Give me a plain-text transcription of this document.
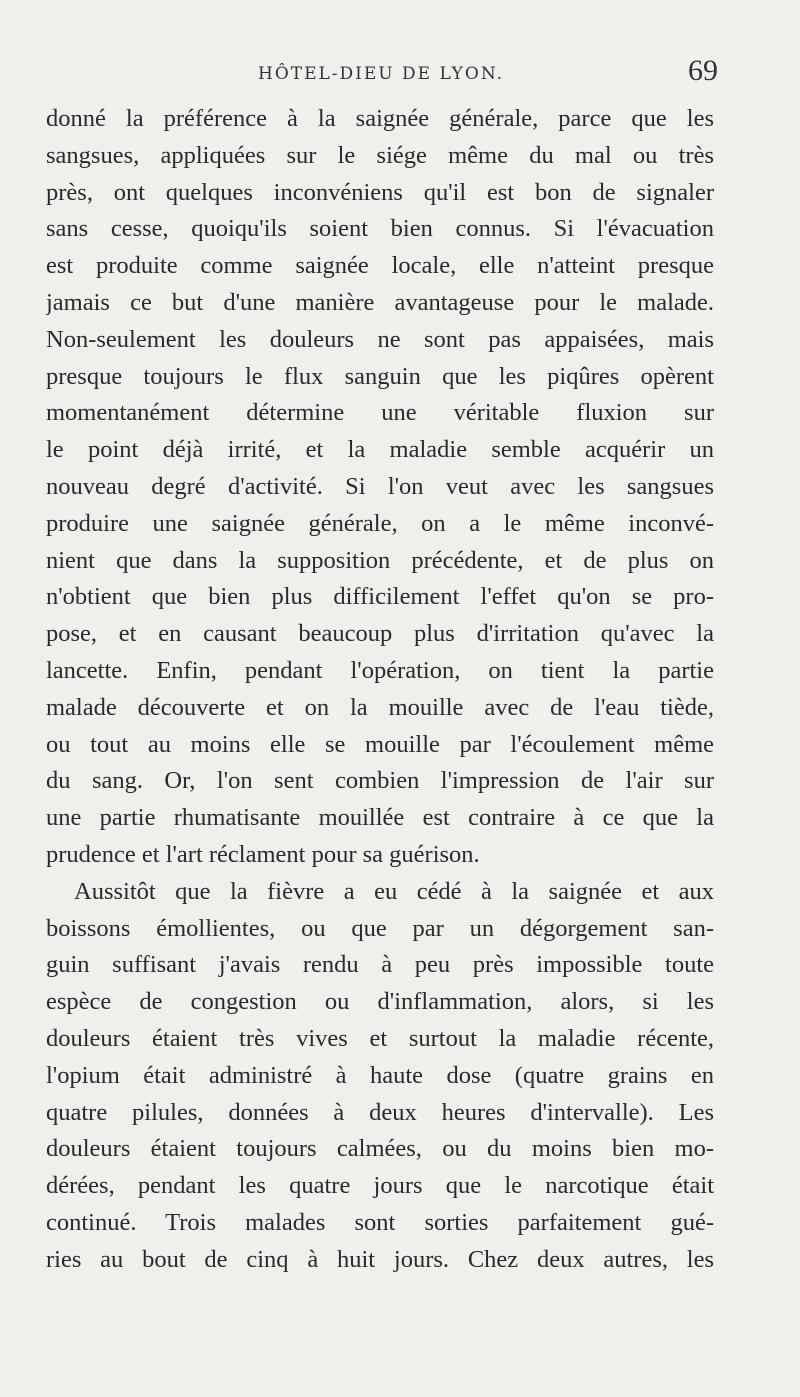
HÔTEL-DIEU DE LYON.	69
donné la préférence à la saignée générale, parce que les
sangsues, appliquées sur le siége même du mal ou très
près, ont quelques inconvéniens qu'il est bon de signaler
sans cesse, quoiqu'ils soient bien connus. Si l'évacuation
est produite comme saignée locale, elle n'atteint presque
jamais ce but d'une manière avantageuse pour le malade.
Non-seulement les douleurs ne sont pas appaisées, mais
presque toujours le flux sanguin que les piqûres opèrent
momentanément détermine une véritable fluxion sur
le point déjà irrité, et la maladie semble acquérir un
nouveau degré d'activité. Si l'on veut avec les sangsues
produire une saignée générale, on a le même inconvé-
nient que dans la supposition précédente, et de plus on
n'obtient que bien plus difficilement l'effet qu'on se pro-
pose, et en causant beaucoup plus d'irritation qu'avec la
lancette. Enfin, pendant l'opération, on tient la partie
malade découverte et on la mouille avec de l'eau tiède,
ou tout au moins elle se mouille par l'écoulement même
du sang. Or, l'on sent combien l'impression de l'air sur
une partie rhumatisante mouillée est contraire à ce que la
prudence et l'art réclament pour sa guérison.
Aussitôt que la fièvre a eu cédé à la saignée et aux
boissons émollientes, ou que par un dégorgement san-
guin suffisant j'avais rendu à peu près impossible toute
espèce de congestion ou d'inflammation, alors, si les
douleurs étaient très vives et surtout la maladie récente,
l'opium était administré à haute dose (quatre grains en
quatre pilules, données à deux heures d'intervalle). Les
douleurs étaient toujours calmées, ou du moins bien mo-
dérées, pendant les quatre jours que le narcotique était
continué. Trois malades sont sorties parfaitement gué-
ries au bout de cinq à huit jours. Chez deux autres, les
